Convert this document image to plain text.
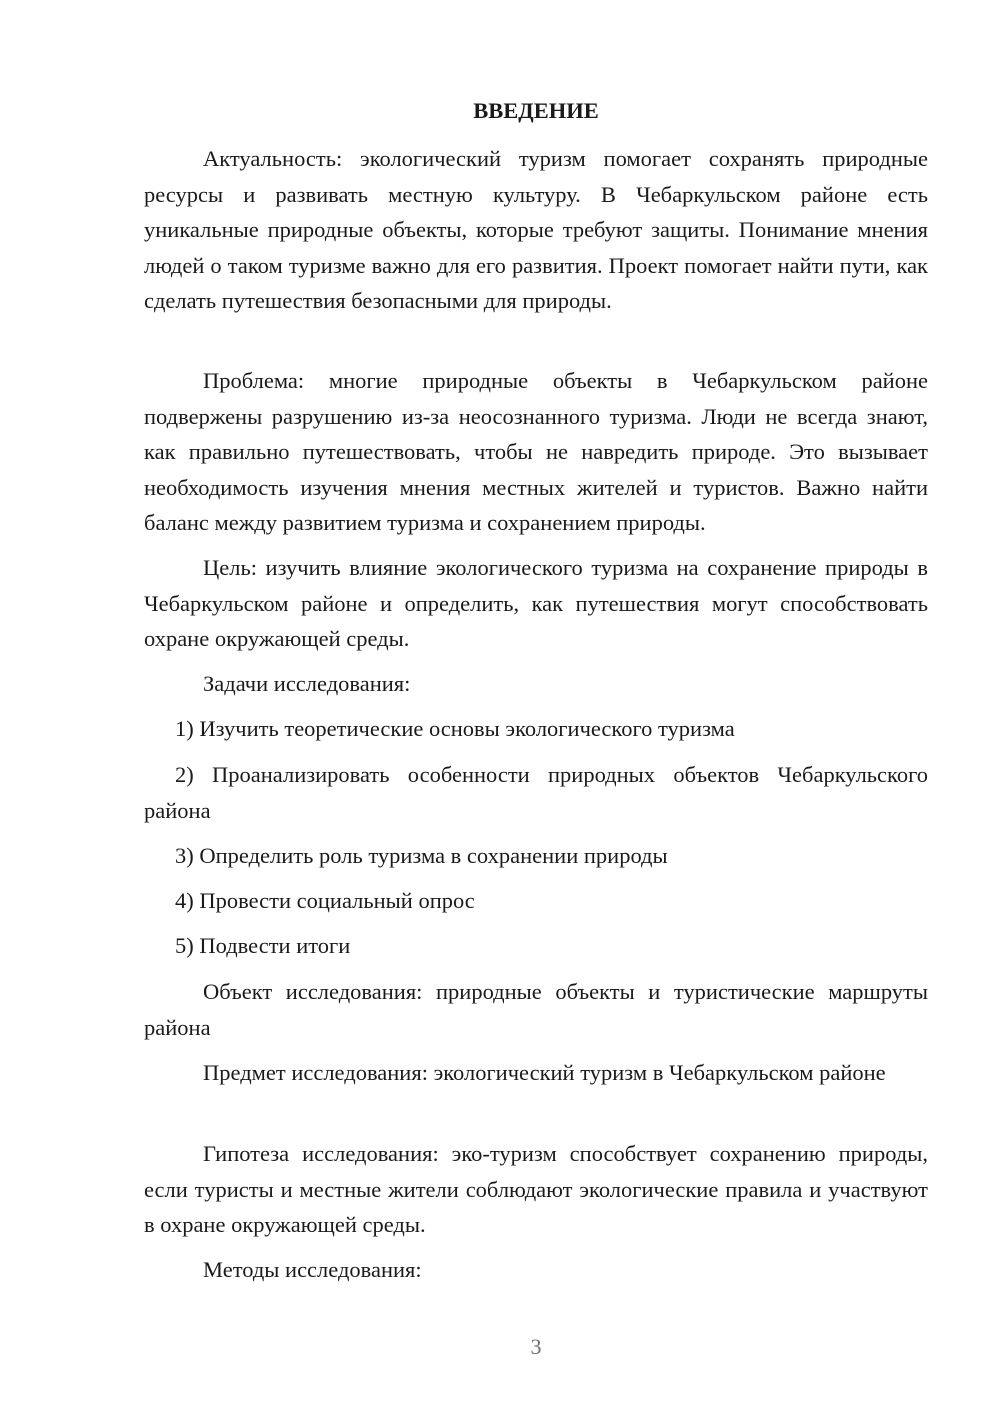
ВВЕДЕНИЕ

Актуальность: экологический туризм помогает сохранять природные ресурсы и развивать местную культуру. В Чебаркульском районе есть уникальные природные объекты, которые требуют защиты. Понимание мнения людей о таком туризме важно для его развития. Проект помогает найти пути, как сделать путешествия безопасными для природы.

Проблема: многие природные объекты в Чебаркульском районе подвержены разрушению из-за неосознанного туризма. Люди не всегда знают, как правильно путешествовать, чтобы не навредить природе. Это вызывает необходимость изучения мнения местных жителей и туристов. Важно найти баланс между развитием туризма и сохранением природы.

Цель: изучить влияние экологического туризма на сохранение природы в Чебаркульском районе и определить, как путешествия могут способствовать охране окружающей среды.

Задачи исследования:

1) Изучить теоретические основы экологического туризма

2) Проанализировать особенности природных объектов Чебаркульского района

3) Определить роль туризма в сохранении природы

4) Провести социальный опрос

5) Подвести итоги

Объект исследования: природные объекты и туристические маршруты района

Предмет исследования: экологический туризм в Чебаркульском районе

Гипотеза исследования: эко-туризм способствует сохранению природы, если туристы и местные жители соблюдают экологические правила и участвуют в охране окружающей среды.

Методы исследования:

3
